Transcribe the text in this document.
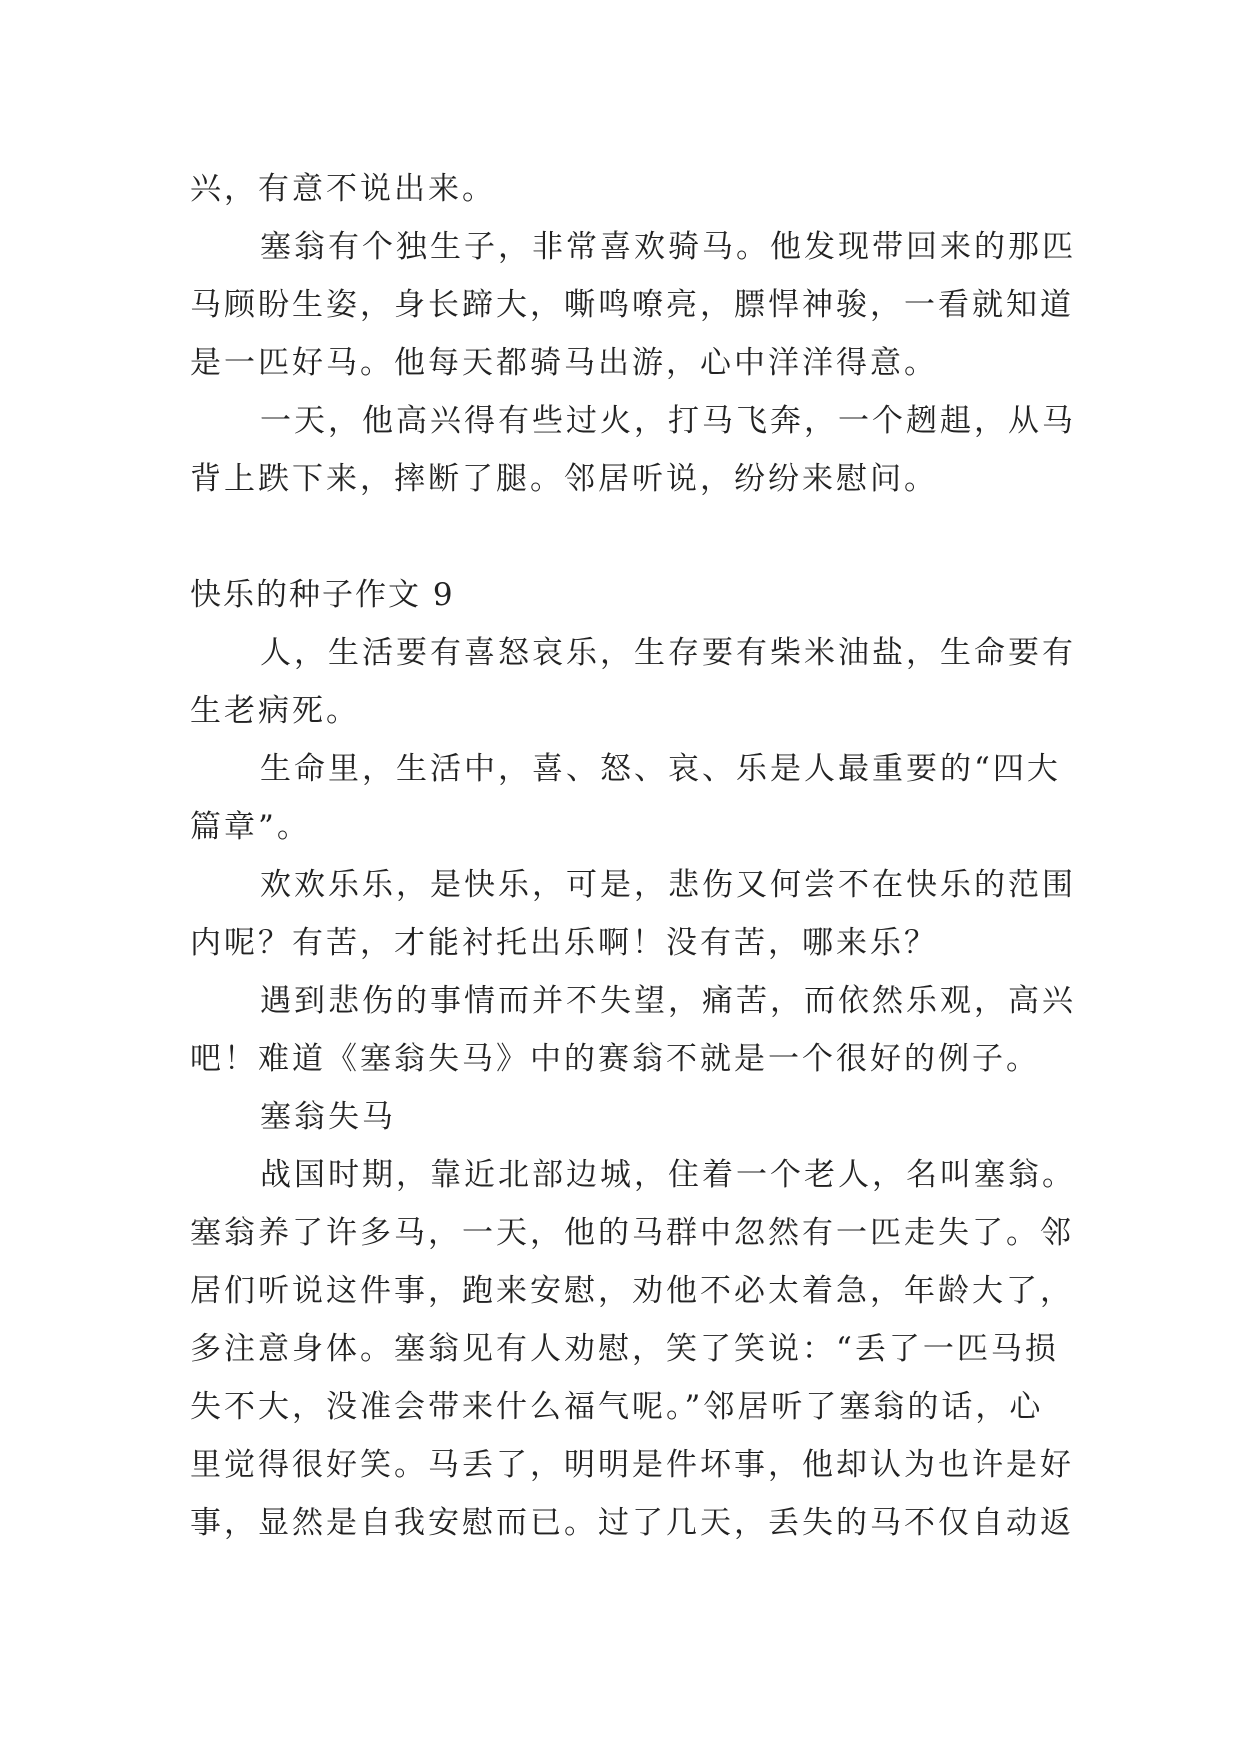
兴，有意不说出来。

塞翁有个独生子，非常喜欢骑马。他发现带回来的那匹

马顾盼生姿，身长蹄大，嘶鸣嘹亮，膘悍神骏，一看就知道

是一匹好马。他每天都骑马出游，心中洋洋得意。

一天，他高兴得有些过火，打马飞奔，一个趔趄，从马

背上跌下来，摔断了腿。邻居听说，纷纷来慰问。

快乐的种子作文 9

人，生活要有喜怒哀乐，生存要有柴米油盐，生命要有

生老病死。

生命里，生活中，喜、怒、哀、乐是人最重要的“四大

篇章”。

欢欢乐乐，是快乐，可是，悲伤又何尝不在快乐的范围

内呢？有苦，才能衬托出乐啊！没有苦，哪来乐？

遇到悲伤的事情而并不失望，痛苦，而依然乐观，高兴

吧！难道《塞翁失马》中的赛翁不就是一个很好的例子。

塞翁失马

战国时期，靠近北部边城，住着一个老人，名叫塞翁。

塞翁养了许多马，一天，他的马群中忽然有一匹走失了。邻

居们听说这件事，跑来安慰，劝他不必太着急，年龄大了，

多注意身体。塞翁见有人劝慰，笑了笑说：“丢了一匹马损

失不大，没准会带来什么福气呢。”邻居听了塞翁的话，心

里觉得很好笑。马丢了，明明是件坏事，他却认为也许是好

事，显然是自我安慰而已。过了几天，丢失的马不仅自动返
